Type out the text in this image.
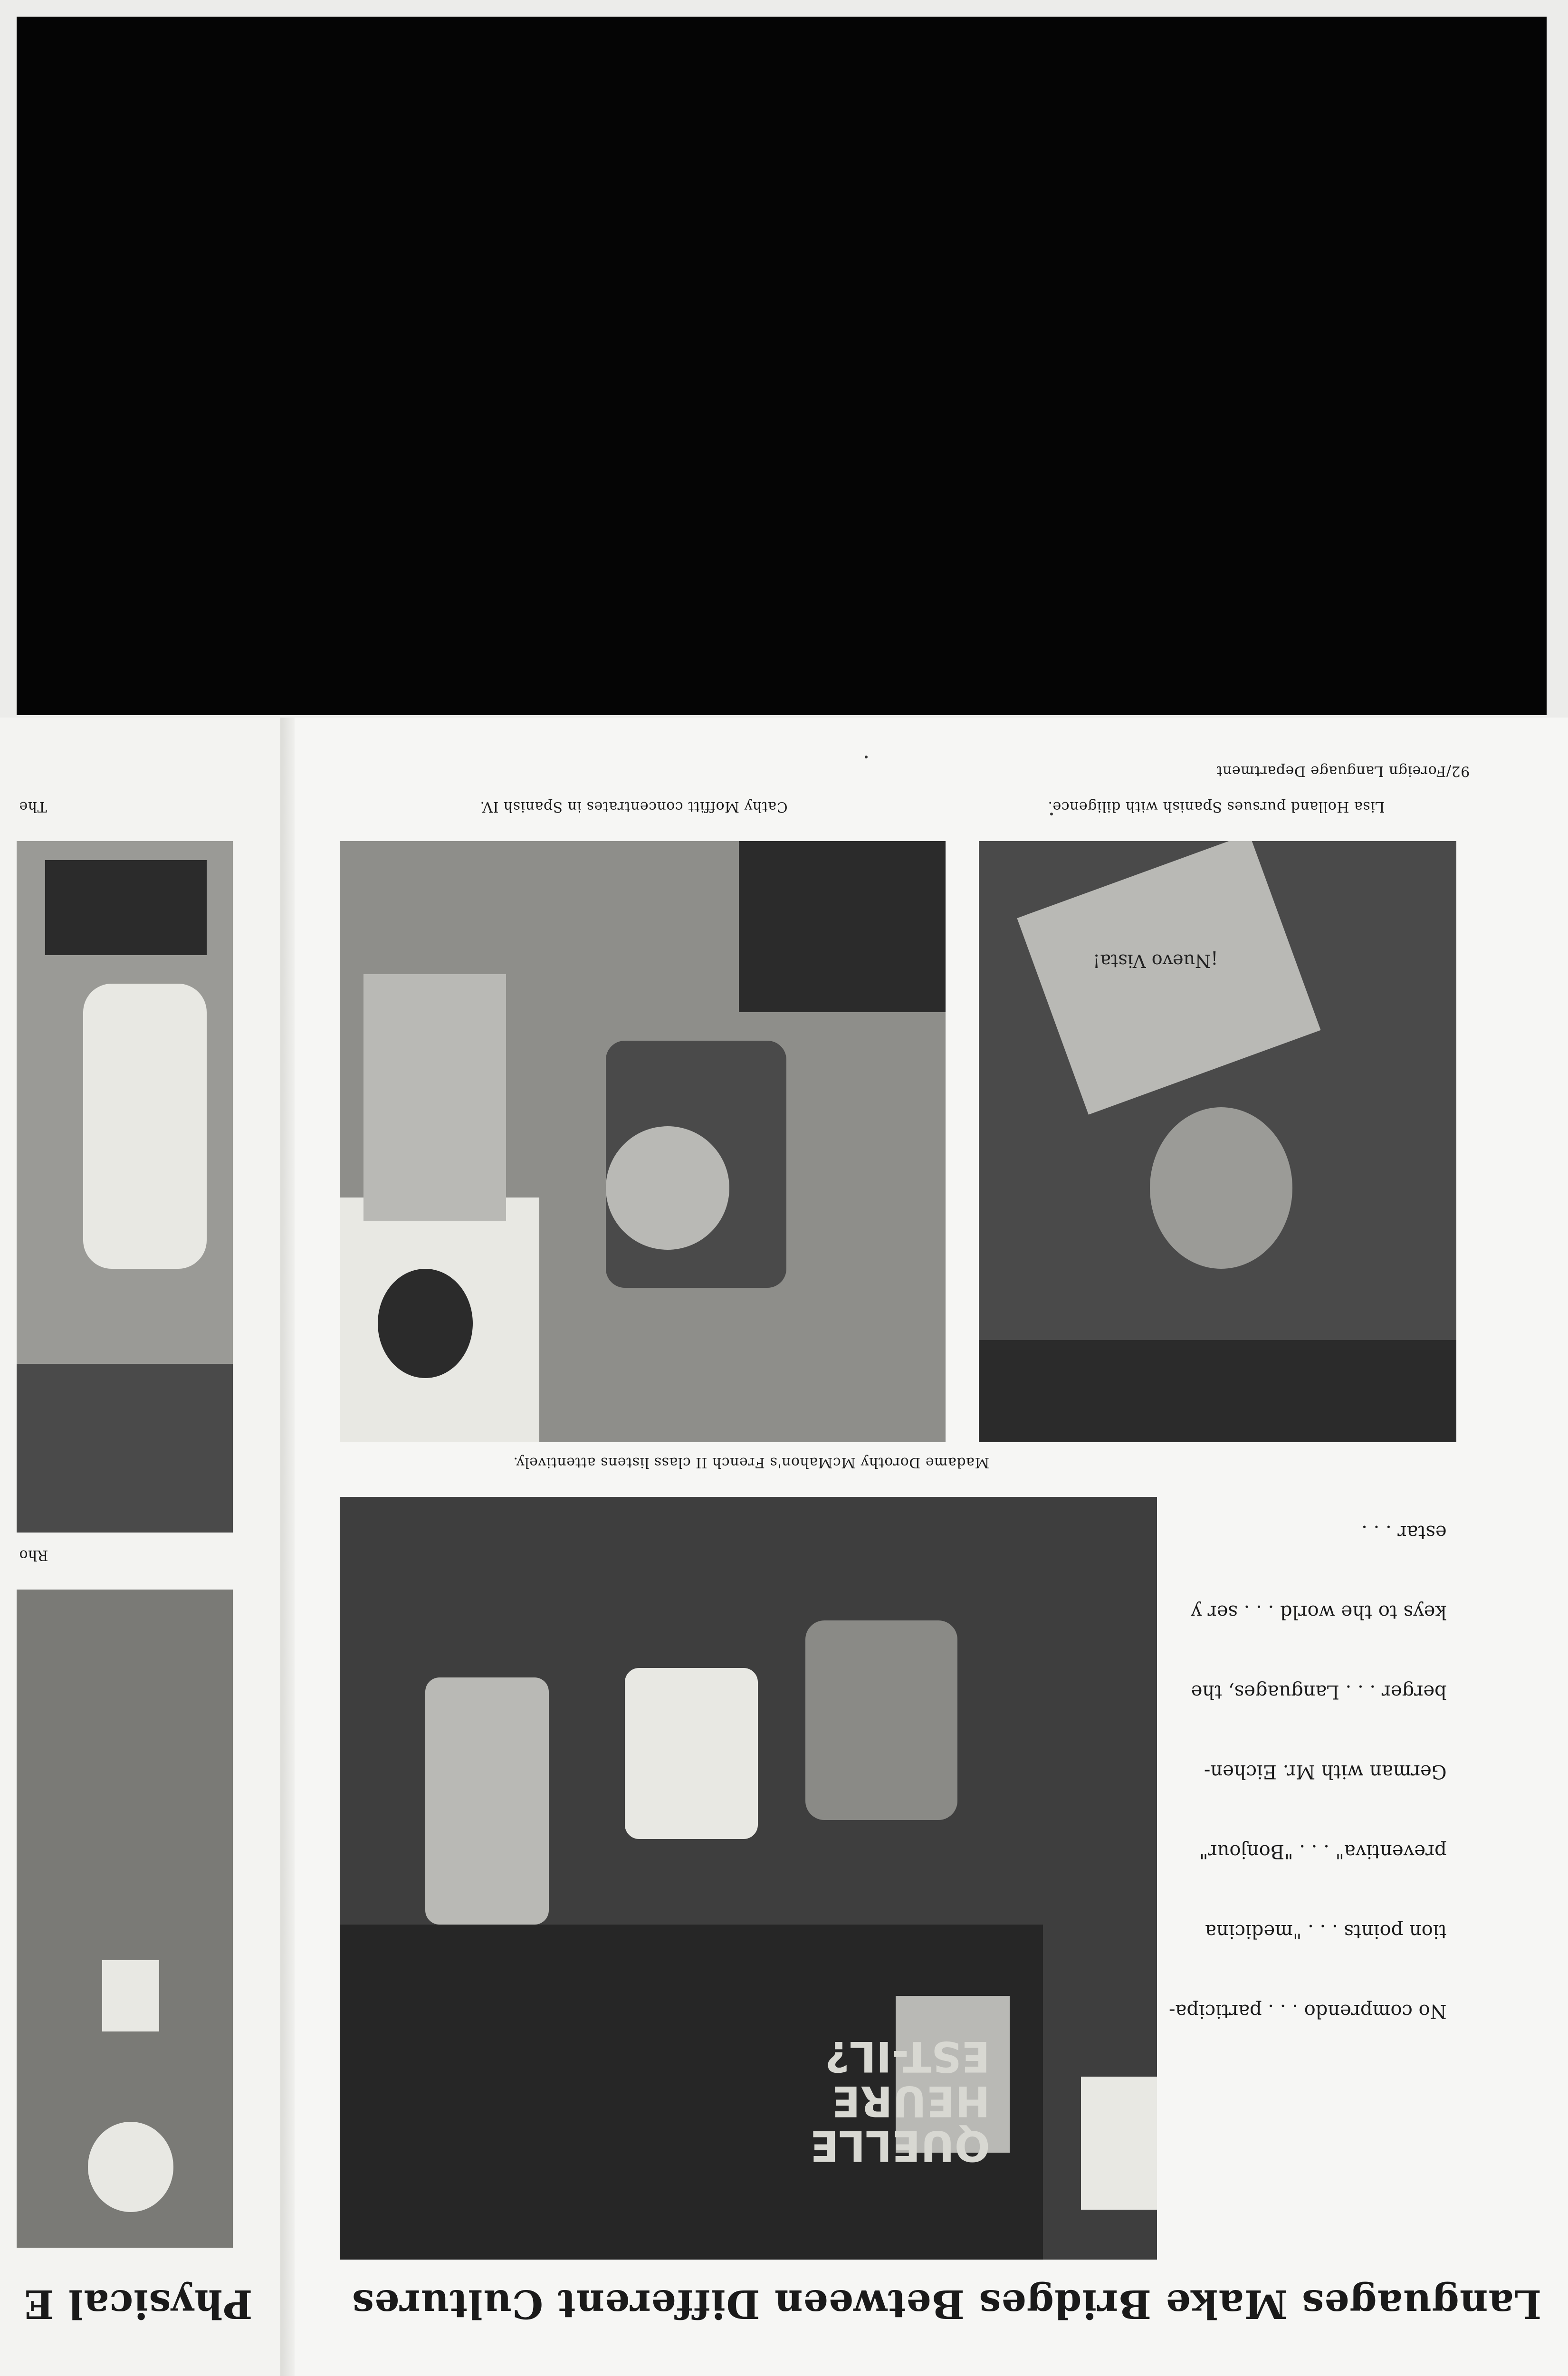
¡Nuevo Vista!
QUELLE
HEURE
EST-IL?
92/Foreign Language Department
Lisa Holland pursues Spanish with diligence.
Cathy Moffitt concentrates in Spanish IV.
Madame Dorothy McMahon's French II class listens attentively.

No comprendo . . . participa-

tion points . . . "medicina

preventiva" . . . "Bonjour"

German with Mr. Eichen-

berger . . . Languages, the

keys to the world . . . ser y

estar . . .

Languages Make Bridges Between Different Cultures
Physical E
The
Rho
